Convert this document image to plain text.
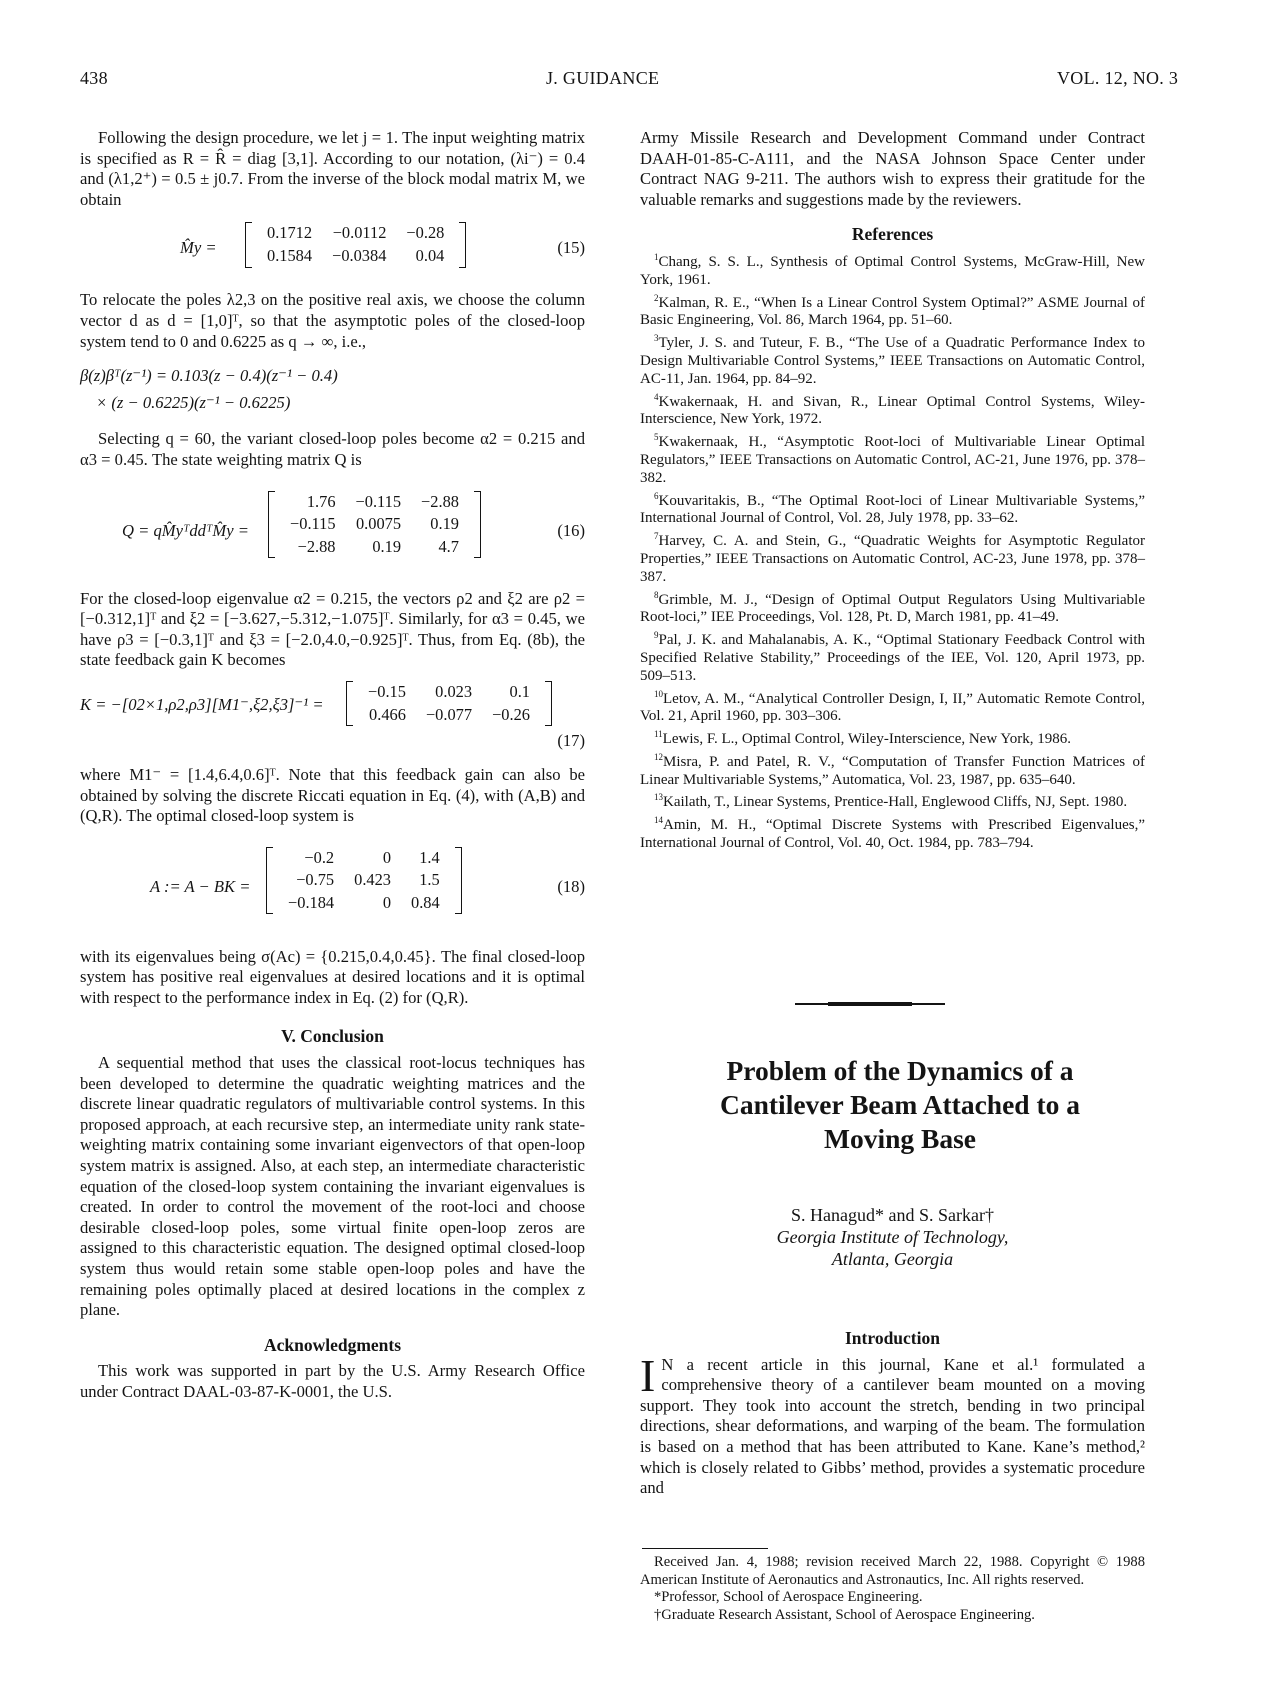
438	J. GUIDANCE	VOL. 12, NO. 3

Following the design procedure, we let j = 1. The input weighting matrix is specified as R = R̂ = diag [3,1]. According to our notation, (λi⁻) = 0.4 and (λ1,2⁺) = 0.5 ± j0.7. From the inverse of the block modal matrix M, we obtain

M̂y =
0.1712	−0.0112	−0.28
0.1584	−0.0384	0.04	(15)

To relocate the poles λ2,3 on the positive real axis, we choose the column vector d as d = [1,0]ᵀ, so that the asymptotic poles of the closed-loop system tend to 0 and 0.6225 as q → ∞, i.e.,

β(z)βᵀ(z⁻¹) = 0.103(z − 0.4)(z⁻¹ − 0.4)
× (z − 0.6225)(z⁻¹ − 0.6225)

Selecting q = 60, the variant closed-loop poles become α2 = 0.215 and α3 = 0.45. The state weighting matrix Q is

Q = qM̂yᵀddᵀM̂y =
1.76	−0.115	−2.88
−0.115	0.0075	0.19
−2.88	0.19	4.7
(16)

For the closed-loop eigenvalue α2 = 0.215, the vectors ρ2 and ξ2 are ρ2 = [−0.312,1]ᵀ and ξ2 = [−3.627,−5.312,−1.075]ᵀ. Similarly, for α3 = 0.45, we have ρ3 = [−0.3,1]ᵀ and ξ3 = [−2.0,4.0,−0.925]ᵀ. Thus, from Eq. (8b), the state feedback gain K becomes

K = −[02×1,ρ2,ρ3][M1⁻,ξ2,ξ3]⁻¹ =
−0.15	0.023	0.1
0.466	−0.077	−0.26
(17)

where M1⁻ = [1.4,6.4,0.6]ᵀ. Note that this feedback gain can also be obtained by solving the discrete Riccati equation in Eq. (4), with (A,B) and (Q,R). The optimal closed-loop system is

A := A − BK =
−0.2	0	1.4
−0.75	0.423	1.5
−0.184	0	0.84
(18)

with its eigenvalues being σ(Ac) = {0.215,0.4,0.45}. The final closed-loop system has positive real eigenvalues at desired locations and it is optimal with respect to the performance index in Eq. (2) for (Q,R).

V. Conclusion

A sequential method that uses the classical root-locus techniques has been developed to determine the quadratic weighting matrices and the discrete linear quadratic regulators of multivariable control systems. In this proposed approach, at each recursive step, an intermediate unity rank state-weighting matrix containing some invariant eigenvectors of that open-loop system matrix is assigned. Also, at each step, an intermediate characteristic equation of the closed-loop system containing the invariant eigenvalues is created. In order to control the movement of the root-loci and choose desirable closed-loop poles, some virtual finite open-loop zeros are assigned to this characteristic equation. The designed optimal closed-loop system thus would retain some stable open-loop poles and have the remaining poles optimally placed at desired locations in the complex z plane.

Acknowledgments

This work was supported in part by the U.S. Army Research Office under Contract DAAL-03-87-K-0001, the U.S.

Army Missile Research and Development Command under Contract DAAH-01-85-C-A111, and the NASA Johnson Space Center under Contract NAG 9-211. The authors wish to express their gratitude for the valuable remarks and suggestions made by the reviewers.

References

$^1$Chang, S. S. L., Synthesis of Optimal Control Systems, McGraw-Hill, New York, 1961.

$^2$Kalman, R. E., “When Is a Linear Control System Optimal?” ASME Journal of Basic Engineering, Vol. 86, March 1964, pp. 51–60.

$^3$Tyler, J. S. and Tuteur, F. B., “The Use of a Quadratic Performance Index to Design Multivariable Control Systems,” IEEE Transactions on Automatic Control, AC-11, Jan. 1964, pp. 84–92.

$^4$Kwakernaak, H. and Sivan, R., Linear Optimal Control Systems, Wiley-Interscience, New York, 1972.

$^5$Kwakernaak, H., “Asymptotic Root-loci of Multivariable Linear Optimal Regulators,” IEEE Transactions on Automatic Control, AC-21, June 1976, pp. 378–382.

$^6$Kouvaritakis, B., “The Optimal Root-loci of Linear Multivariable Systems,” International Journal of Control, Vol. 28, July 1978, pp. 33–62.

$^7$Harvey, C. A. and Stein, G., “Quadratic Weights for Asymptotic Regulator Properties,” IEEE Transactions on Automatic Control, AC-23, June 1978, pp. 378–387.

$^8$Grimble, M. J., “Design of Optimal Output Regulators Using Multivariable Root-loci,” IEE Proceedings, Vol. 128, Pt. D, March 1981, pp. 41–49.

$^9$Pal, J. K. and Mahalanabis, A. K., “Optimal Stationary Feedback Control with Specified Relative Stability,” Proceedings of the IEE, Vol. 120, April 1973, pp. 509–513.

$^{10}$Letov, A. M., “Analytical Controller Design, I, II,” Automatic Remote Control, Vol. 21, April 1960, pp. 303–306.

$^{11}$Lewis, F. L., Optimal Control, Wiley-Interscience, New York, 1986.

$^{12}$Misra, P. and Patel, R. V., “Computation of Transfer Function Matrices of Linear Multivariable Systems,” Automatica, Vol. 23, 1987, pp. 635–640.

$^{13}$Kailath, T., Linear Systems, Prentice-Hall, Englewood Cliffs, NJ, Sept. 1980.

$^{14}$Amin, M. H., “Optimal Discrete Systems with Prescribed Eigenvalues,” International Journal of Control, Vol. 40, Oct. 1984, pp. 783–794.

Problem of the Dynamics of a Cantilever Beam Attached to a Moving Base
S. Hanagud* and S. Sarkar†
Georgia Institute of Technology,
Atlanta, Georgia
Introduction

I N a recent article in this journal, Kane et al.¹ formulated a comprehensive theory of a cantilever beam mounted on a moving support. They took into account the stretch, bending in two principal directions, shear deformations, and warping of the beam. The formulation is based on a method that has been attributed to Kane. Kane’s method,² which is closely related to Gibbs’ method, provides a systematic procedure and

Received Jan. 4, 1988; revision received March 22, 1988. Copyright © 1988 American Institute of Aeronautics and Astronautics, Inc. All rights reserved.

*Professor, School of Aerospace Engineering.

†Graduate Research Assistant, School of Aerospace Engineering.
